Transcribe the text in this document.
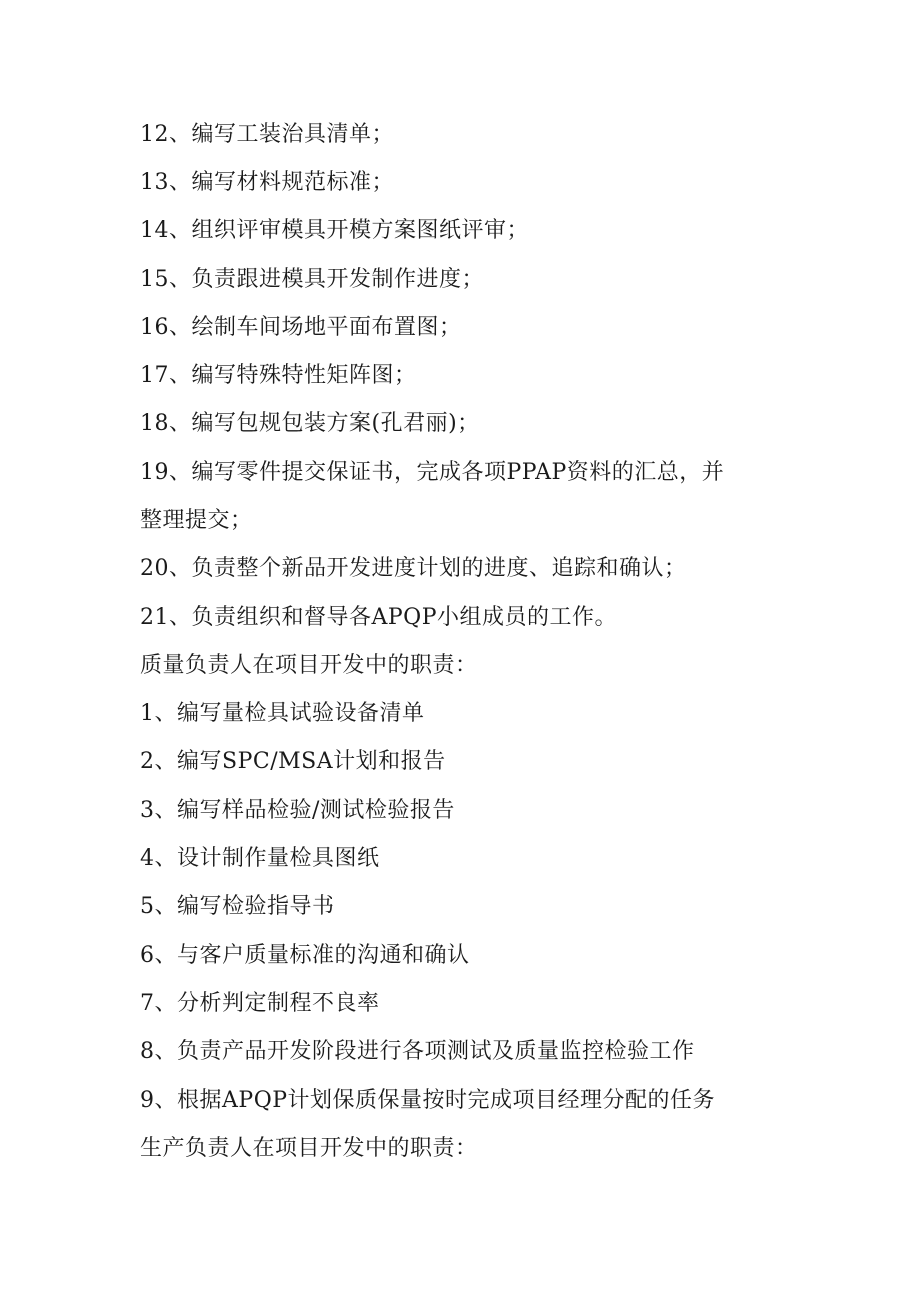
12、编写工装治具清单；
13、编写材料规范标准；
14、组织评审模具开模方案图纸评审；
15、负责跟进模具开发制作进度；
16、绘制车间场地平面布置图；
17、编写特殊特性矩阵图；
18、编写包规包装方案(孔君丽)；
19、编写零件提交保证书，完成各项PPAP资料的汇总，并
整理提交；
20、负责整个新品开发进度计划的进度、追踪和确认；
21、负责组织和督导各APQP小组成员的工作。
质量负责人在项目开发中的职责：
1、编写量检具试验设备清单
2、编写SPC/MSA计划和报告
3、编写样品检验/测试检验报告
4、设计制作量检具图纸
5、编写检验指导书
6、与客户质量标准的沟通和确认
7、分析判定制程不良率
8、负责产品开发阶段进行各项测试及质量监控检验工作
9、根据APQP计划保质保量按时完成项目经理分配的任务
生产负责人在项目开发中的职责：
